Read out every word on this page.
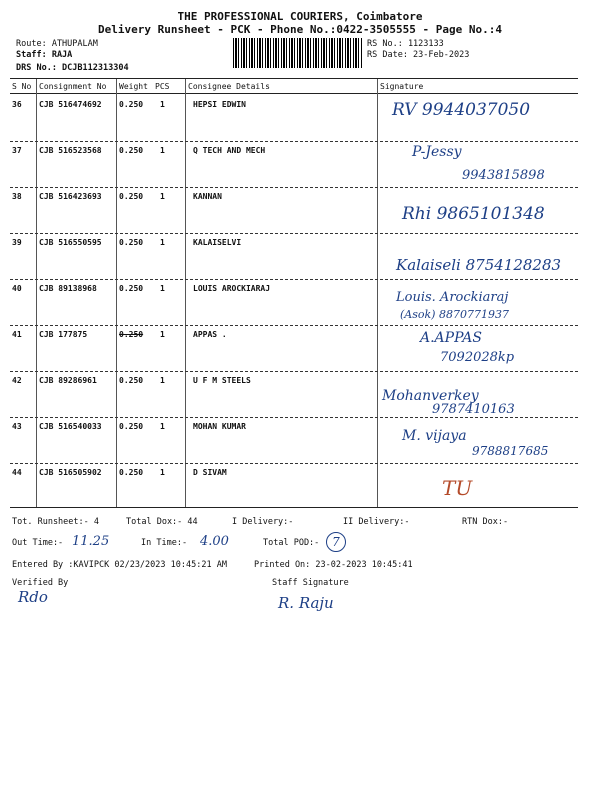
THE PROFESSIONAL COURIERS, Coimbatore
Delivery Runsheet - PCK - Phone No.:0422-3505555 - Page No.:4
Route: ATHUPALAM
Staff: RAJA
DRS No.: DCJB112313304
RS No.: 1123133
RS Date: 23-Feb-2023
S No Consignment No Weight PCS Consignee Details	Signature
36 CJB 516474692 0.250 1	HEPSI EDWIN	RV 9944037050
37 CJB 516523568 0.250 1	Q TECH AND MECH	P-Jessy
9943815898
38 CJB 516423693 0.250 1	KANNAN
Rhi 9865101348
39 CJB 516550595 0.250 1	KALAISELVI
Kalaiseli 8754128283
40 CJB 89138968	0.250 1	LOUIS AROCKIARAJ
Louis. Arockiaraj
(Asok) 8870771937
41 CJB 177875	0.250 1	APPAS .	A.APPAS
7092028kp
42 CJB 89286961	0.250 1	U F M STEELS
Mohanverkey
9787410163
43 CJB 516540033 0.250 1	MOHAN KUMAR
M. vijaya
9788817685
44 CJB 516505902 0.250 1	D SIVAM
TU
Tot. Runsheet:- 4	Total Dox:- 44	I Delivery:-	II Delivery:-	RTN Dox:-
Out Time:- 11.25	In Time:- 4.00	Total POD:-	7
Entered By :KAVIPCK 02/23/2023 10:45:21 AM	Printed On: 23-02-2023 10:45:41
Verified By
Rdo
Staff Signature
R. Raju
